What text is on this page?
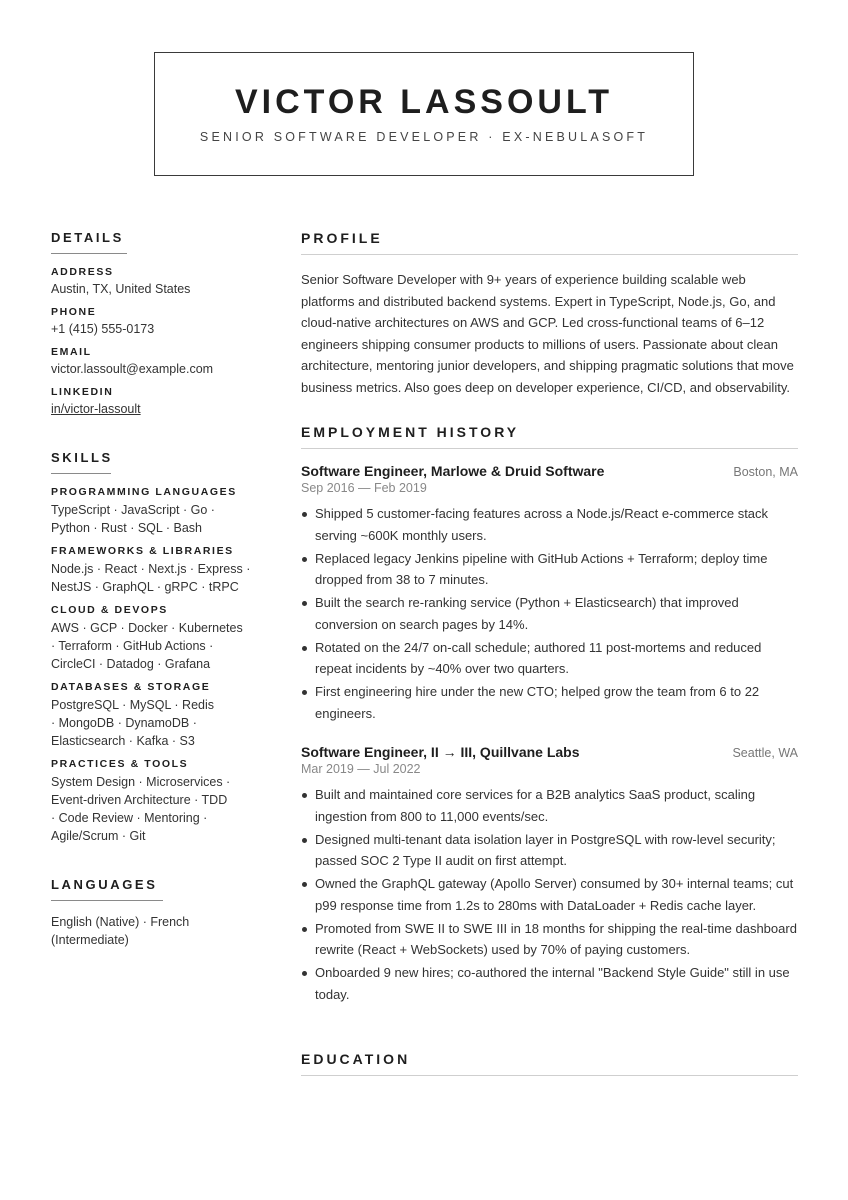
VICTOR LASSOULT
SENIOR SOFTWARE DEVELOPER · EX-NEBULASOFT
DETAILS
ADDRESS
Austin, TX, United States
PHONE
+1 (415) 555-0173
EMAIL
victor.lassoult@example.com
LINKEDIN
in/victor-lassoult
SKILLS
PROGRAMMING LANGUAGES
TypeScript · JavaScript · Go ·
Python · Rust · SQL · Bash
FRAMEWORKS & LIBRARIES
Node.js · React · Next.js · Express ·
NestJS · GraphQL · gRPC · tRPC
CLOUD & DEVOPS
AWS · GCP · Docker · Kubernetes
· Terraform · GitHub Actions ·
CircleCI · Datadog · Grafana
DATABASES & STORAGE
PostgreSQL · MySQL · Redis
· MongoDB · DynamoDB ·
Elasticsearch · Kafka · S3
PRACTICES & TOOLS
System Design · Microservices ·
Event-driven Architecture · TDD
· Code Review · Mentoring ·
Agile/Scrum · Git
LANGUAGES
English (Native) · French
(Intermediate)
PROFILE
Senior Software Developer with 9+ years of experience building scalable web platforms and distributed backend systems. Expert in TypeScript, Node.js, Go, and cloud-native architectures on AWS and GCP. Led cross-functional teams of 6–12 engineers shipping consumer products to millions of users. Passionate about clean architecture, mentoring junior developers, and shipping pragmatic solutions that move business metrics. Also goes deep on developer experience, CI/CD, and observability.
EMPLOYMENT HISTORY
Software Engineer, Marlowe & Druid Software	Boston, MA
Sep 2016 — Feb 2019
Shipped 5 customer-facing features across a Node.js/React e-commerce stack serving ~600K monthly users.
Replaced legacy Jenkins pipeline with GitHub Actions + Terraform; deploy time dropped from 38 to 7 minutes.
Built the search re-ranking service (Python + Elasticsearch) that improved conversion on search pages by 14%.
Rotated on the 24/7 on-call schedule; authored 11 post-mortems and reduced repeat incidents by ~40% over two quarters.
First engineering hire under the new CTO; helped grow the team from 6 to 22 engineers.
Software Engineer, II → III, Quillvane Labs	Seattle, WA
Mar 2019 — Jul 2022
Built and maintained core services for a B2B analytics SaaS product, scaling ingestion from 800 to 11,000 events/sec.
Designed multi-tenant data isolation layer in PostgreSQL with row-level security; passed SOC 2 Type II audit on first attempt.
Owned the GraphQL gateway (Apollo Server) consumed by 30+ internal teams; cut p99 response time from 1.2s to 280ms with DataLoader + Redis cache layer.
Promoted from SWE II to SWE III in 18 months for shipping the real-time dashboard rewrite (React + WebSockets) used by 70% of paying customers.
Onboarded 9 new hires; co-authored the internal "Backend Style Guide" still in use today.
EDUCATION
